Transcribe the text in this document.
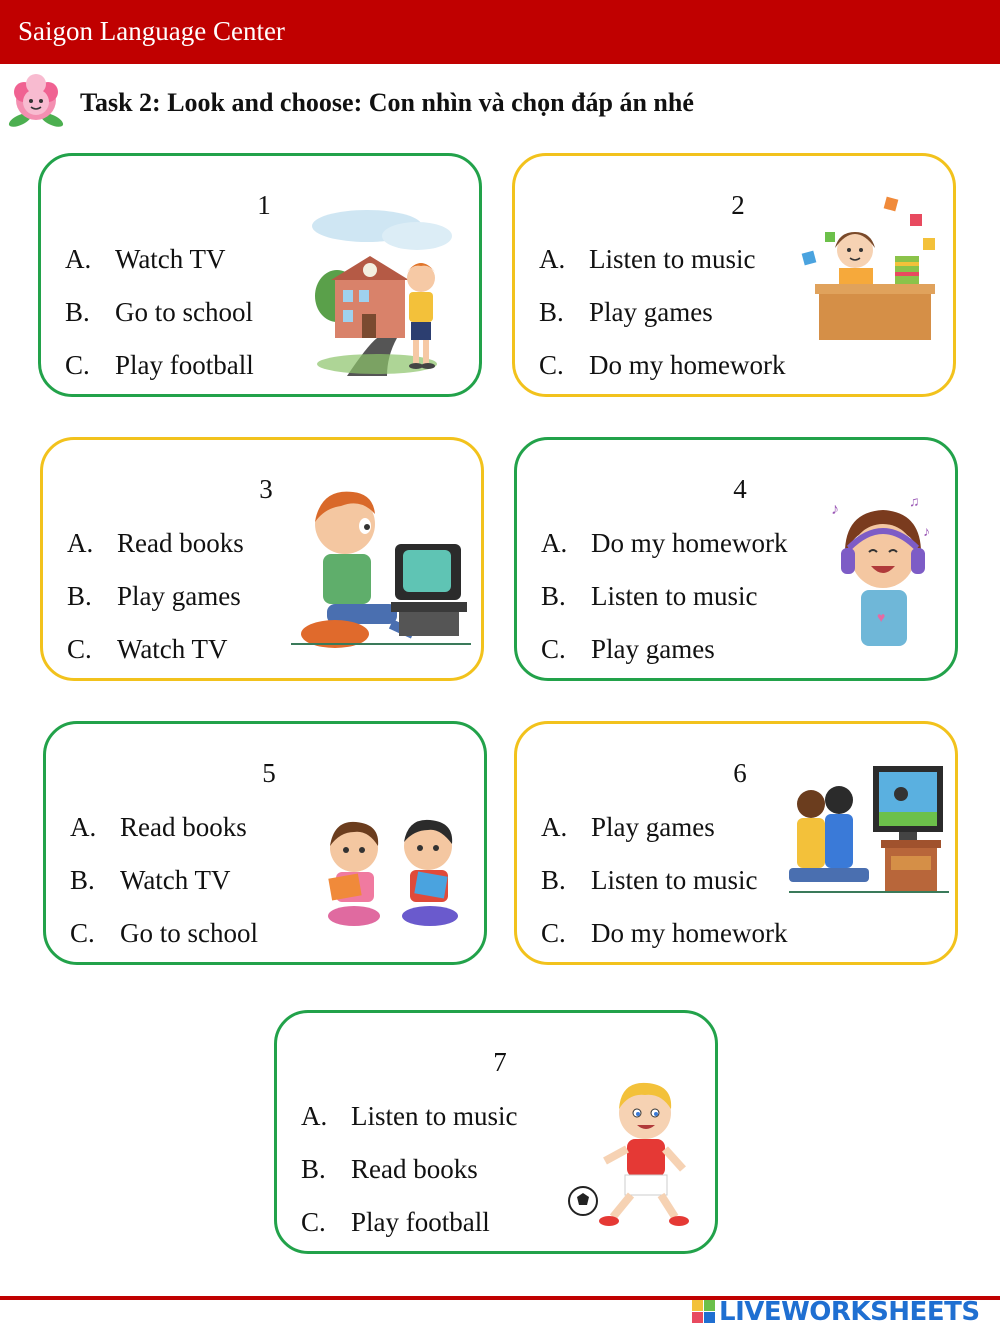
Saigon Language Center
Task 2: Look and choose: Con nhìn và chọn đáp án nhé
1
A. Watch TV
B. Go to school
C. Play football
2
A. Listen to music
B. Play games
C. Do my homework
3
A. Read books
B. Play games
C. Watch TV
4
A. Do my homework
B. Listen to music
C. Play games
♪	♫
♪
♥
5
A. Read books
B. Watch TV
C. Go to school
6
A. Play games
B. Listen to music
C. Do my homework
7
A. Listen to music
B. Read books
C. Play football
LIVEWORKSHEETS
